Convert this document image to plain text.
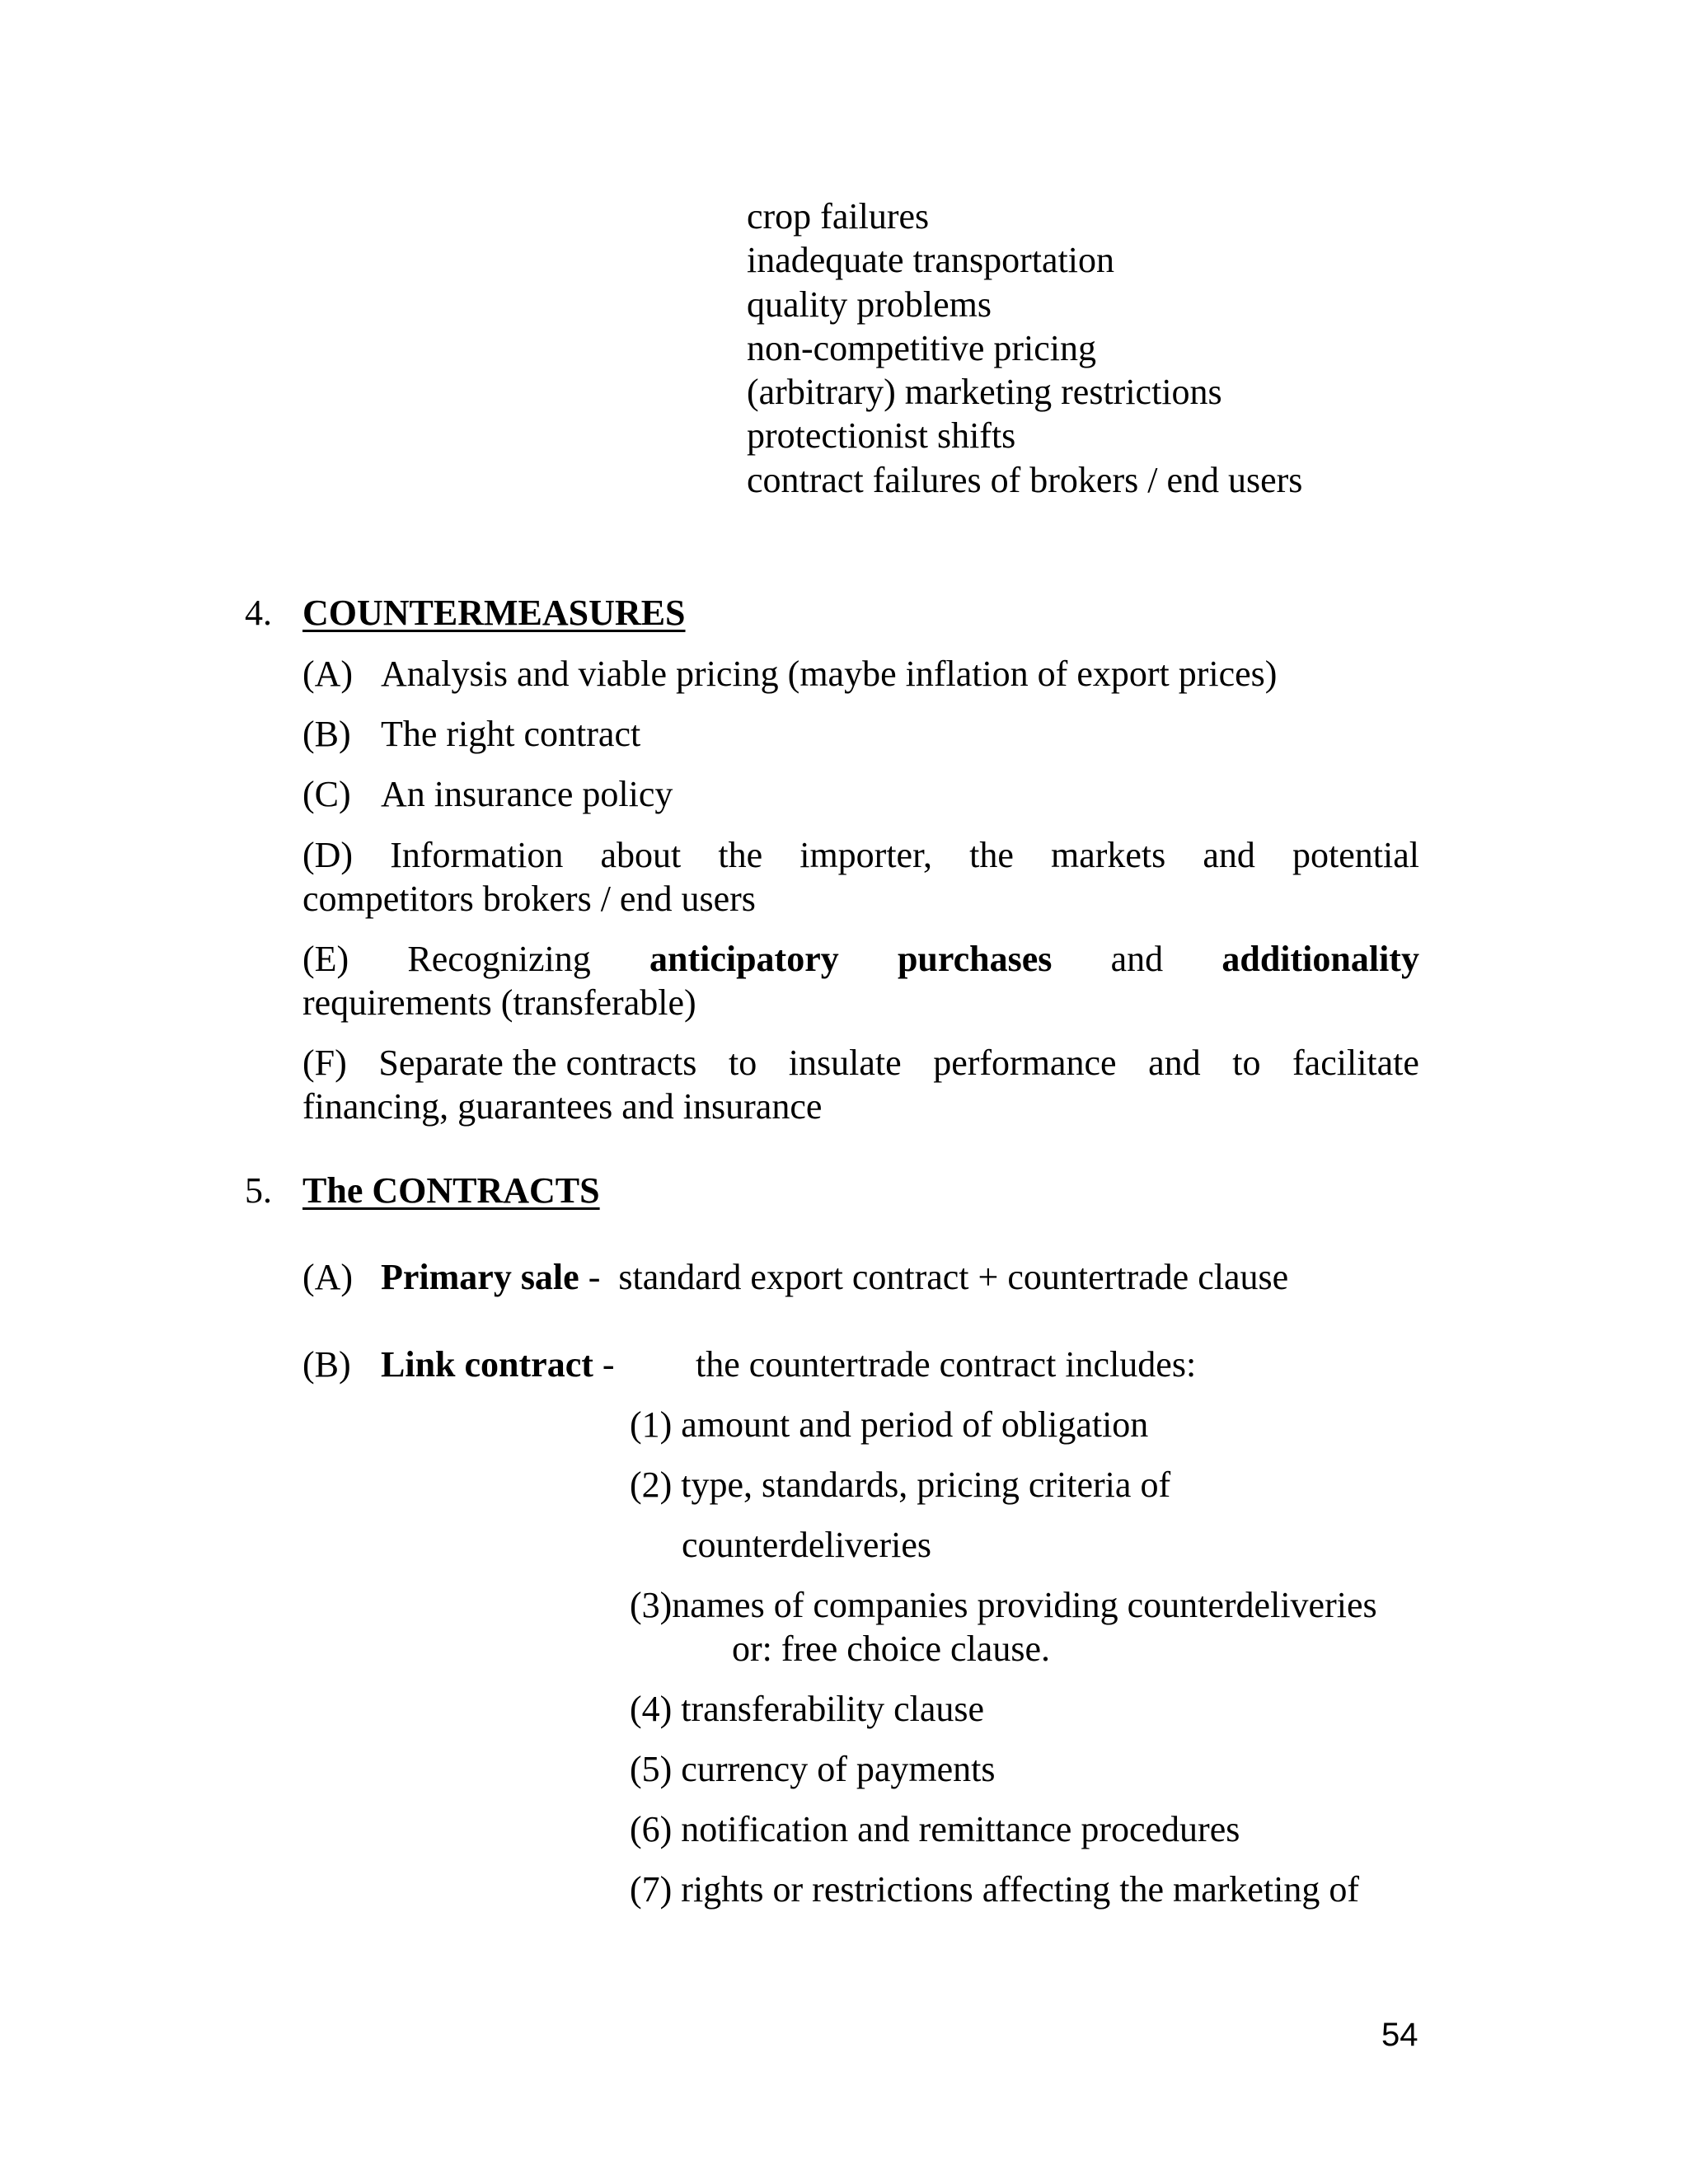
crop failures
inadequate transportation
quality problems
non-competitive pricing
(arbitrary) marketing restrictions
protectionist shifts
contract failures of brokers / end users
4. COUNTERMEASURES
(A) Analysis and viable pricing (maybe inflation of export prices)
(B) The right contract
(C) An insurance policy
(D) Information about the importer, the markets and potential
competitors brokers / end users
(E) Recognizing anticipatory purchases and additionality
requirements (transferable)
(F) Separate the contracts to insulate performance and to facilitate
financing, guarantees and insurance
5. The CONTRACTS
(A) Primary sale -  standard export contract + countertrade clause
(B) Link contract - the countertrade contract includes:
(1) amount and period of obligation
(2) type, standards, pricing criteria of
counterdeliveries
(3)names of companies providing counterdeliveries
or: free choice clause.
(4) transferability clause
(5) currency of payments
(6) notification and remittance procedures
(7) rights or restrictions affecting the marketing of
54
